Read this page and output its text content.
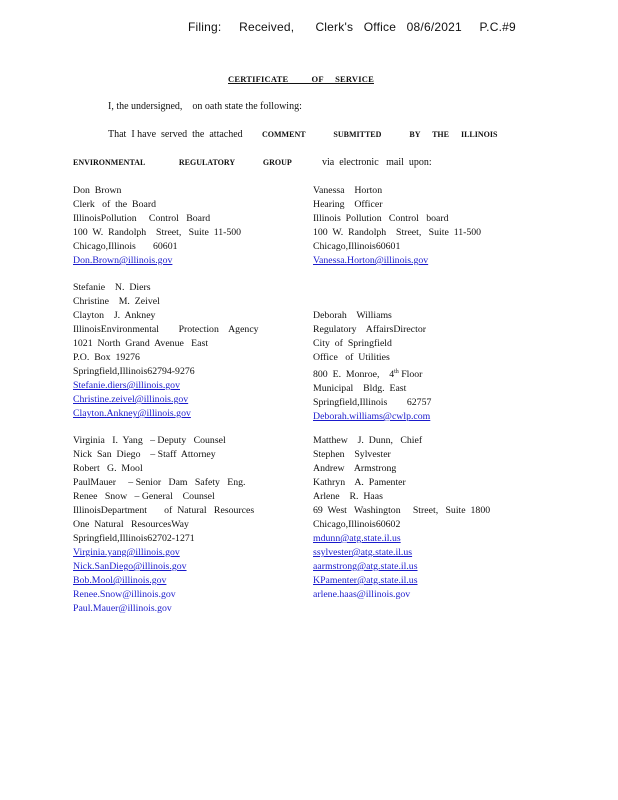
Filing:     Received,      Clerk's   Office   08/6/2021     P.C.#9
CERTIFICATE          OF     SERVICE
I, the undersigned,    on oath state the following:
That  I have  served  the  attached COMMENT              SUBMITTED              BY      THE      ILLINOIS
ENVIRONMENTAL                 REGULATORY              GROUP	via  electronic   mail  upon:
Don  Brown
Clerk   of  the  Board
IllinoisPollution     Control   Board
100  W.  Randolph    Street,   Suite  11-500
Chicago,Illinois       60601
Don.Brown@illinois.gov
Vanessa    Horton
Hearing    Officer
Illinois  Pollution   Control   board
100  W.  Randolph    Street,   Suite  11-500
Chicago,Illinois60601
Vanessa.Horton@illinois.gov
Stefanie    N.  Diers
Christine    M.  Zeivel
Clayton    J.  Ankney
IllinoisEnvironmental        Protection    Agency
1021  North  Grand  Avenue   East
P.O.  Box  19276
Springfield,Illinois62794-9276
Stefanie.diers@illinois.gov
Christine.zeivel@illinois.gov
Clayton.Ankney@illinois.gov
Deborah    Williams
Regulatory    AffairsDirector
City  of  Springfield
Office   of  Utilities
800  E.  Monroe,    4th Floor
Municipal    Bldg.  East
Springfield,Illinois        62757
Deborah.williams@cwlp.com
Virginia   I.  Yang   – Deputy   Counsel
Nick  San  Diego    – Staff  Attorney
Robert   G.  Mool
PaulMauer     – Senior   Dam   Safety   Eng.
Renee   Snow   – General    Counsel
IllinoisDepartment       of  Natural   Resources
One  Natural   ResourcesWay
Springfield,Illinois62702-1271
Virginia.yang@illinois.gov
Nick.SanDiego@illinois.gov
Bob.Mool@illinois.gov
Renee.Snow@illinois.gov
Paul.Mauer@illinois.gov
Matthew    J.  Dunn,   Chief
Stephen    Sylvester
Andrew    Armstrong
Kathryn    A.  Pamenter
Arlene    R.  Haas
69  West   Washington     Street,   Suite  1800
Chicago,Illinois60602
mdunn@atg.state.il.us
ssylvester@atg.state.il.us
aarmstrong@atg.state.il.us
KPamenter@atg.state.il.us
arlene.haas@illinois.gov
